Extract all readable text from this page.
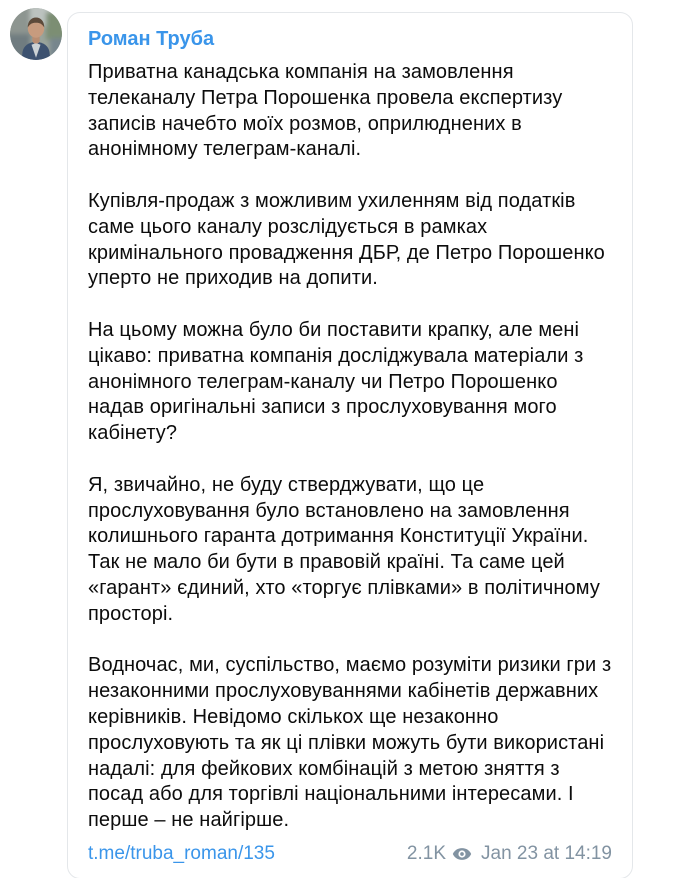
Роман Труба

Приватна канадська компанія на замовлення телеканалу Петра Порошенка провела експертизу записів начебто моїх розмов, оприлюднених в анонімному телеграм-каналі.

Купівля-продаж з можливим ухиленням від податків саме цього каналу розслідується в рамках кримінального провадження ДБР, де Петро Порошенко уперто не приходив на допити.

На цьому можна було би поставити крапку, але мені цікаво: приватна компанія досліджувала матеріали з анонімного телеграм-каналу чи Петро Порошенко надав оригінальні записи з прослуховування мого кабінету?

Я, звичайно, не буду стверджувати, що це прослуховування було встановлено на замовлення колишнього гаранта дотримання Конституції України. Так не мало би бути в правовій країні. Та саме цей «гарант» єдиний, хто «торгує плівками» в політичному просторі.

Водночас, ми, суспільство, маємо розуміти ризики гри з незаконними прослуховуваннями кабінетів державних керівників. Невідомо скількох ще незаконно прослуховують та як ці плівки можуть бути використані надалі: для фейкових комбінацій з метою зняття з посад або для торгівлі національними інтересами. І перше – не найгірше.

t.me/truba_roman/135	2.1K Jan 23 at 14:19
